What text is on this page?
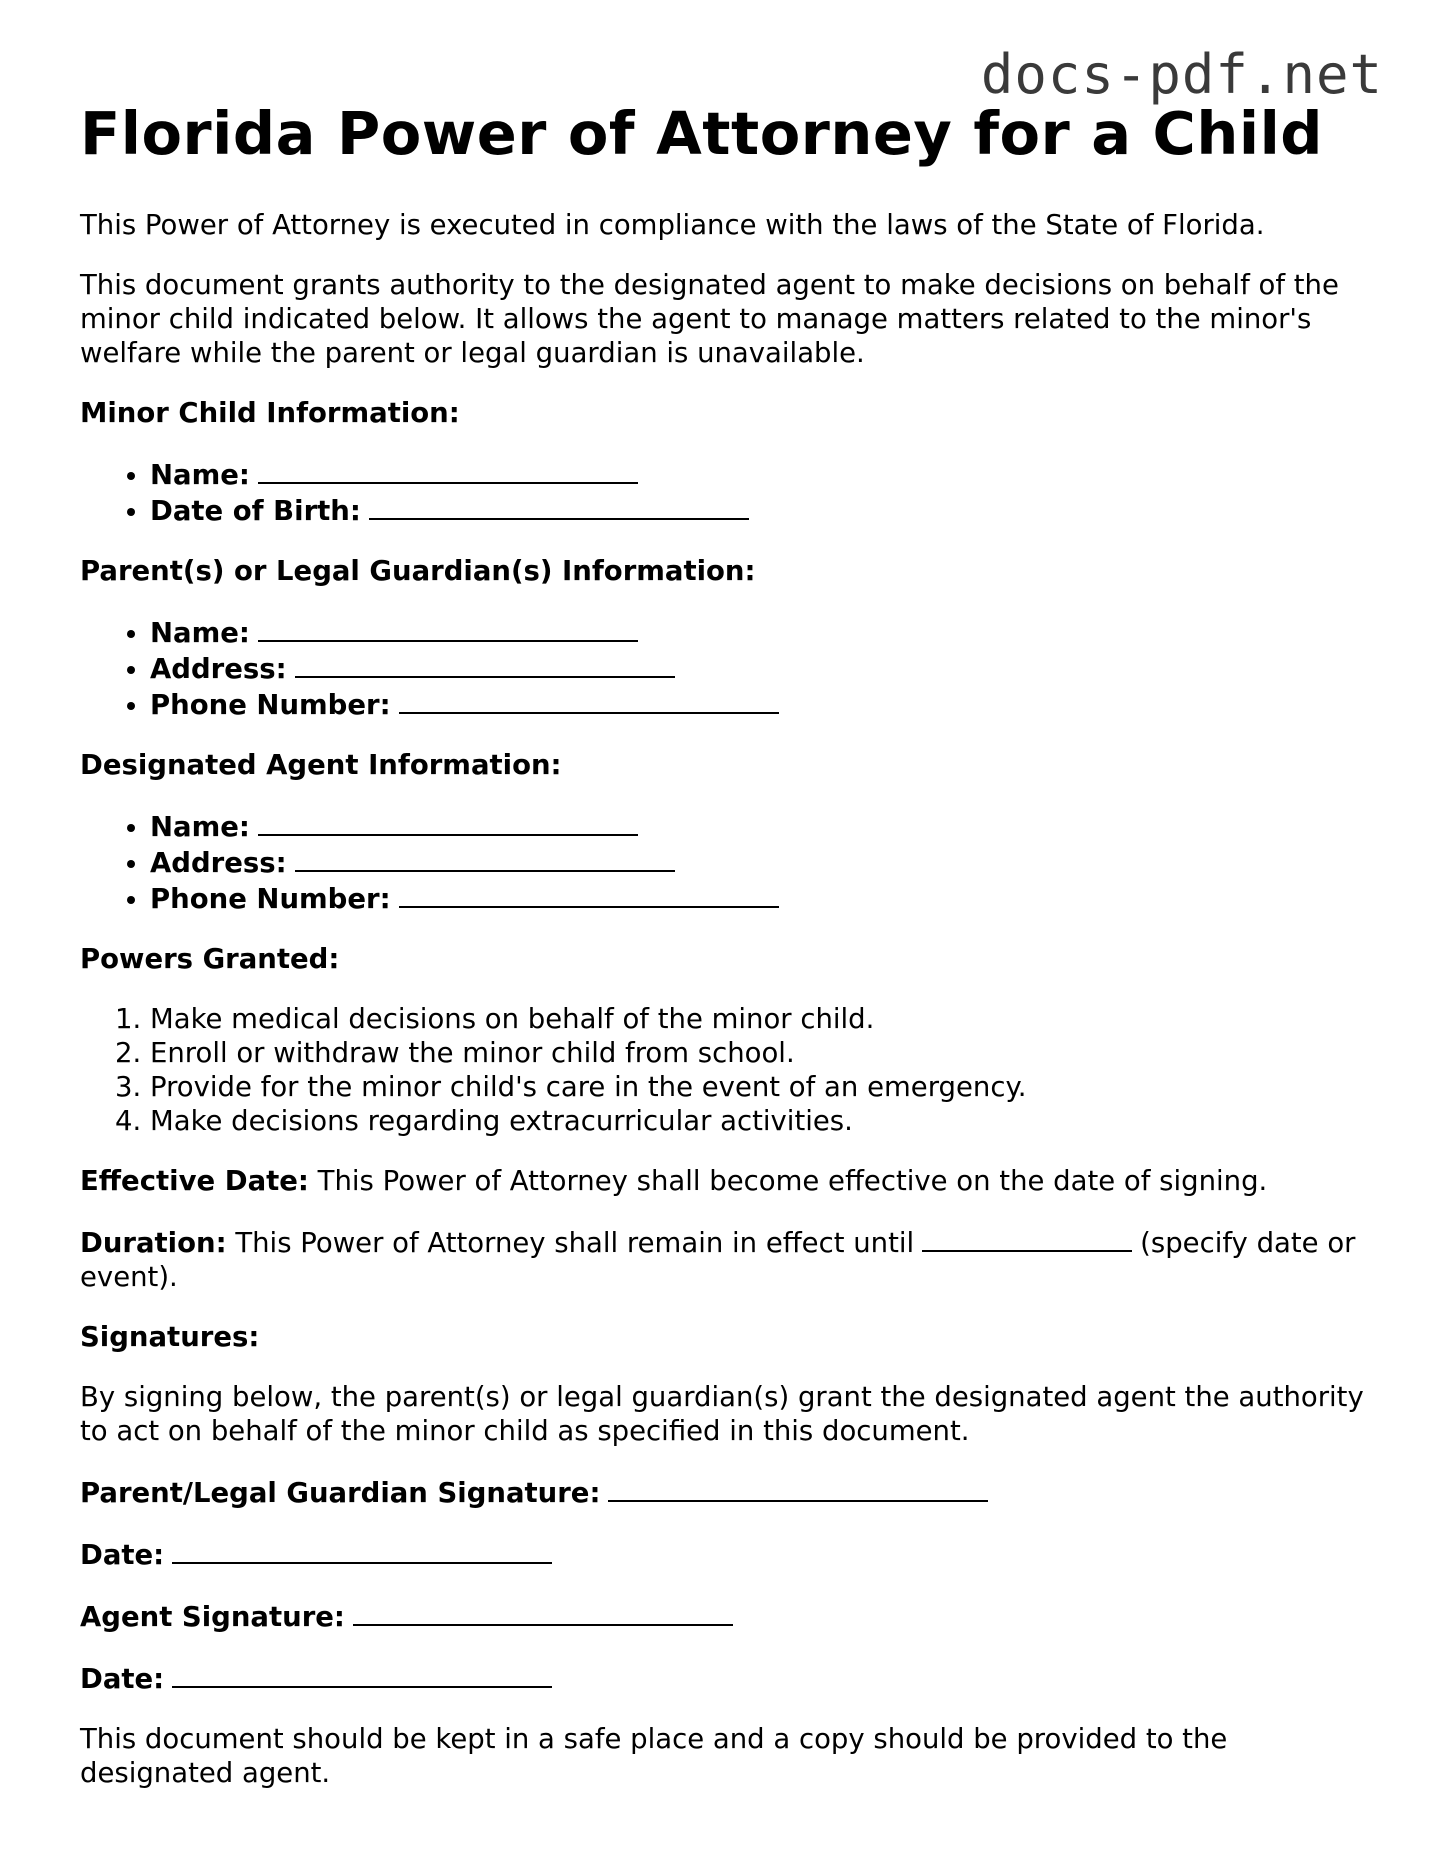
docs-pdf.net
Florida Power of Attorney for a Child

This Power of Attorney is executed in compliance with the laws of the State of Florida.

This document grants authority to the designated agent to make decisions on behalf of the minor child indicated below. It allows the agent to manage matters related to the minor's welfare while the parent or legal guardian is unavailable.

Minor Child Information:

• Name:
• Date of Birth:

Parent(s) or Legal Guardian(s) Information:

• Name:
• Address:
• Phone Number:

Designated Agent Information:

• Name:
• Address:
• Phone Number:

Powers Granted:

1. Make medical decisions on behalf of the minor child.
2. Enroll or withdraw the minor child from school.
3. Provide for the minor child's care in the event of an emergency.
4. Make decisions regarding extracurricular activities.

Effective Date: This Power of Attorney shall become effective on the date of signing.

Duration: This Power of Attorney shall remain in effect until	(specify date or event).

Signatures:

By signing below, the parent(s) or legal guardian(s) grant the designated agent the authority to act on behalf of the minor child as specified in this document.

Parent/Legal Guardian Signature:

Date:

Agent Signature:

Date:

This document should be kept in a safe place and a copy should be provided to the designated agent.
